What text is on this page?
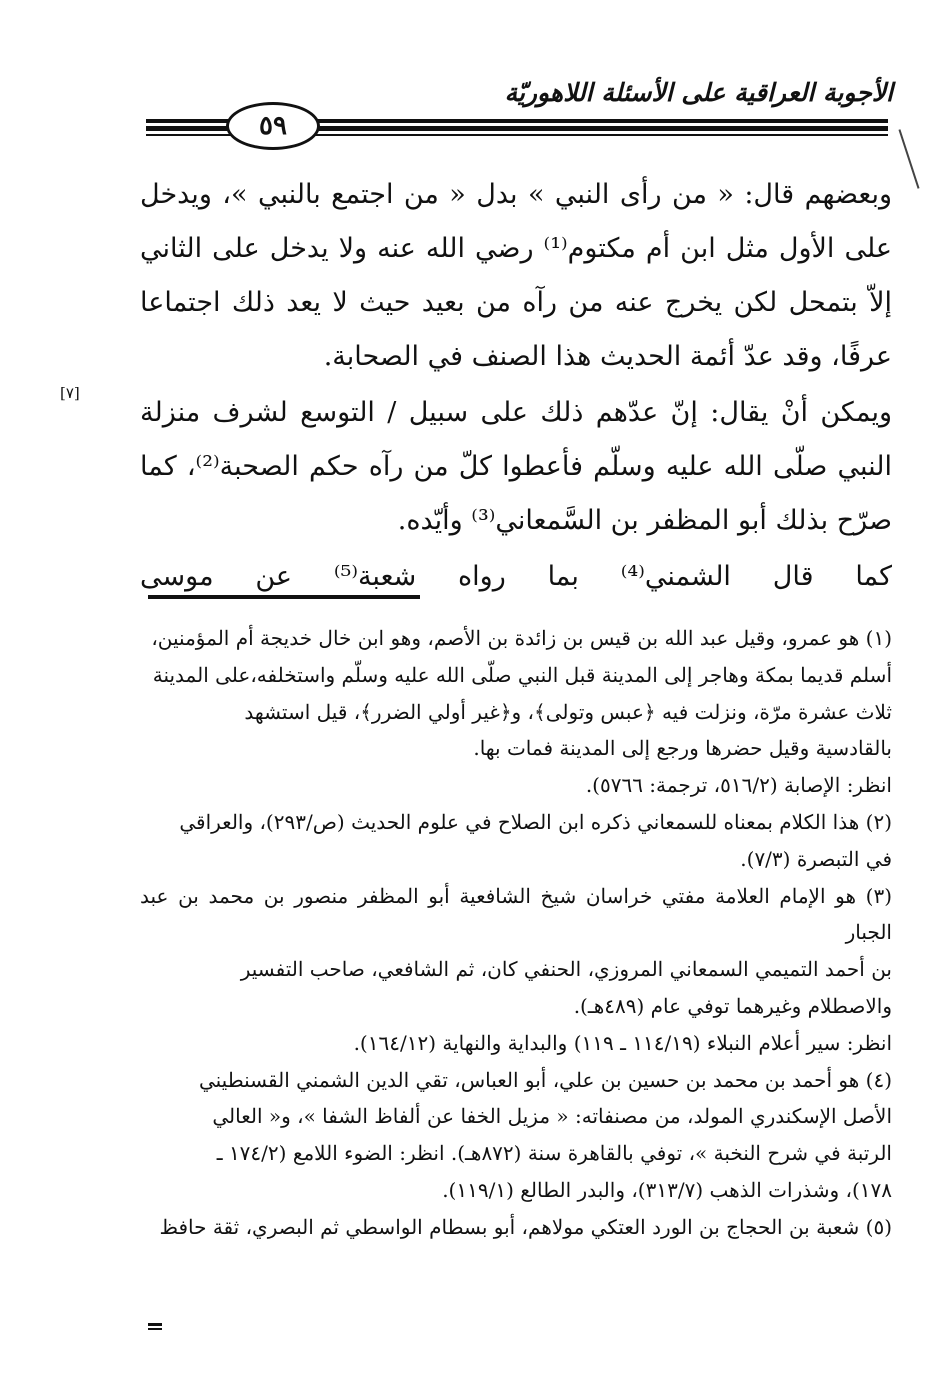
الأجوبة العراقية على الأسئلة اللاهوريّة
٥٩
[٧]

وبعضهم قال: « من رأى النبي » بدل « من اجتمع بالنبي »، ويدخل على الأول مثل ابن أم مكتوم⁽¹⁾ رضي الله عنه ولا يدخل على الثاني إلاّ بتمحل لكن يخرج عنه من رآه من بعيد حيث لا يعد ذلك اجتماعا عرفًا، وقد عدّ أئمة الحديث هذا الصنف في الصحابة.

ويمكن أنْ يقال: إنّ عدّهم ذلك على سبيل / التوسع لشرف منزلة النبي صلّى الله عليه وسلّم فأعطوا كلّ من رآه حكم الصحبة⁽²⁾، كما صرّح بذلك أبو المظفر بن السَّمعاني⁽³⁾ وأيّده.

كما قال الشمني⁽⁴⁾ بما رواه شعبة⁽⁵⁾ عن موسى

(١) هو عمرو، وقيل عبد الله بن قيس بن زائدة بن الأصم، وهو ابن خال خديجة أم المؤمنين،

أسلم قديما بمكة وهاجر إلى المدينة قبل النبي صلّى الله عليه وسلّم واستخلفه،على المدينة

ثلاث عشرة مرّة، ونزلت فيه ﴿عبس وتولى﴾، و﴿غير أولي الضرر﴾، قيل استشهد

بالقادسية وقيل حضرها ورجع إلى المدينة فمات بها.

انظر: الإصابة (٥١٦/٢، ترجمة: ٥٧٦٦).

(٢) هذا الكلام بمعناه للسمعاني ذكره ابن الصلاح في علوم الحديث (ص/٢٩٣)، والعراقي

في التبصرة (٧/٣).

(٣) هو الإمام العلامة مفتي خراسان شيخ الشافعية أبو المظفر منصور بن محمد بن عبد الجبار

بن أحمد التميمي السمعاني المروزي، الحنفي كان، ثم الشافعي، صاحب التفسير

والاصطلام وغيرهما توفي عام (٤٨٩هـ).

انظر: سير أعلام النبلاء (١١٤/١٩ ـ ١١٩) والبداية والنهاية (١٦٤/١٢).

(٤) هو أحمد بن محمد بن حسين بن علي، أبو العباس، تقي الدين الشمني القسنطيني

الأصل الإسكندري المولد، من مصنفاته: « مزيل الخفا عن ألفاظ الشفا »، و« العالي

الرتبة في شرح النخبة »، توفي بالقاهرة سنة (٨٧٢هـ). انظر: الضوء اللامع (١٧٤/٢ ـ

١٧٨)، وشذرات الذهب (٣١٣/٧)، والبدر الطالع (١١٩/١).

(٥) شعبة بن الحجاج بن الورد العتكي مولاهم، أبو بسطام الواسطي ثم البصري، ثقة حافظ
